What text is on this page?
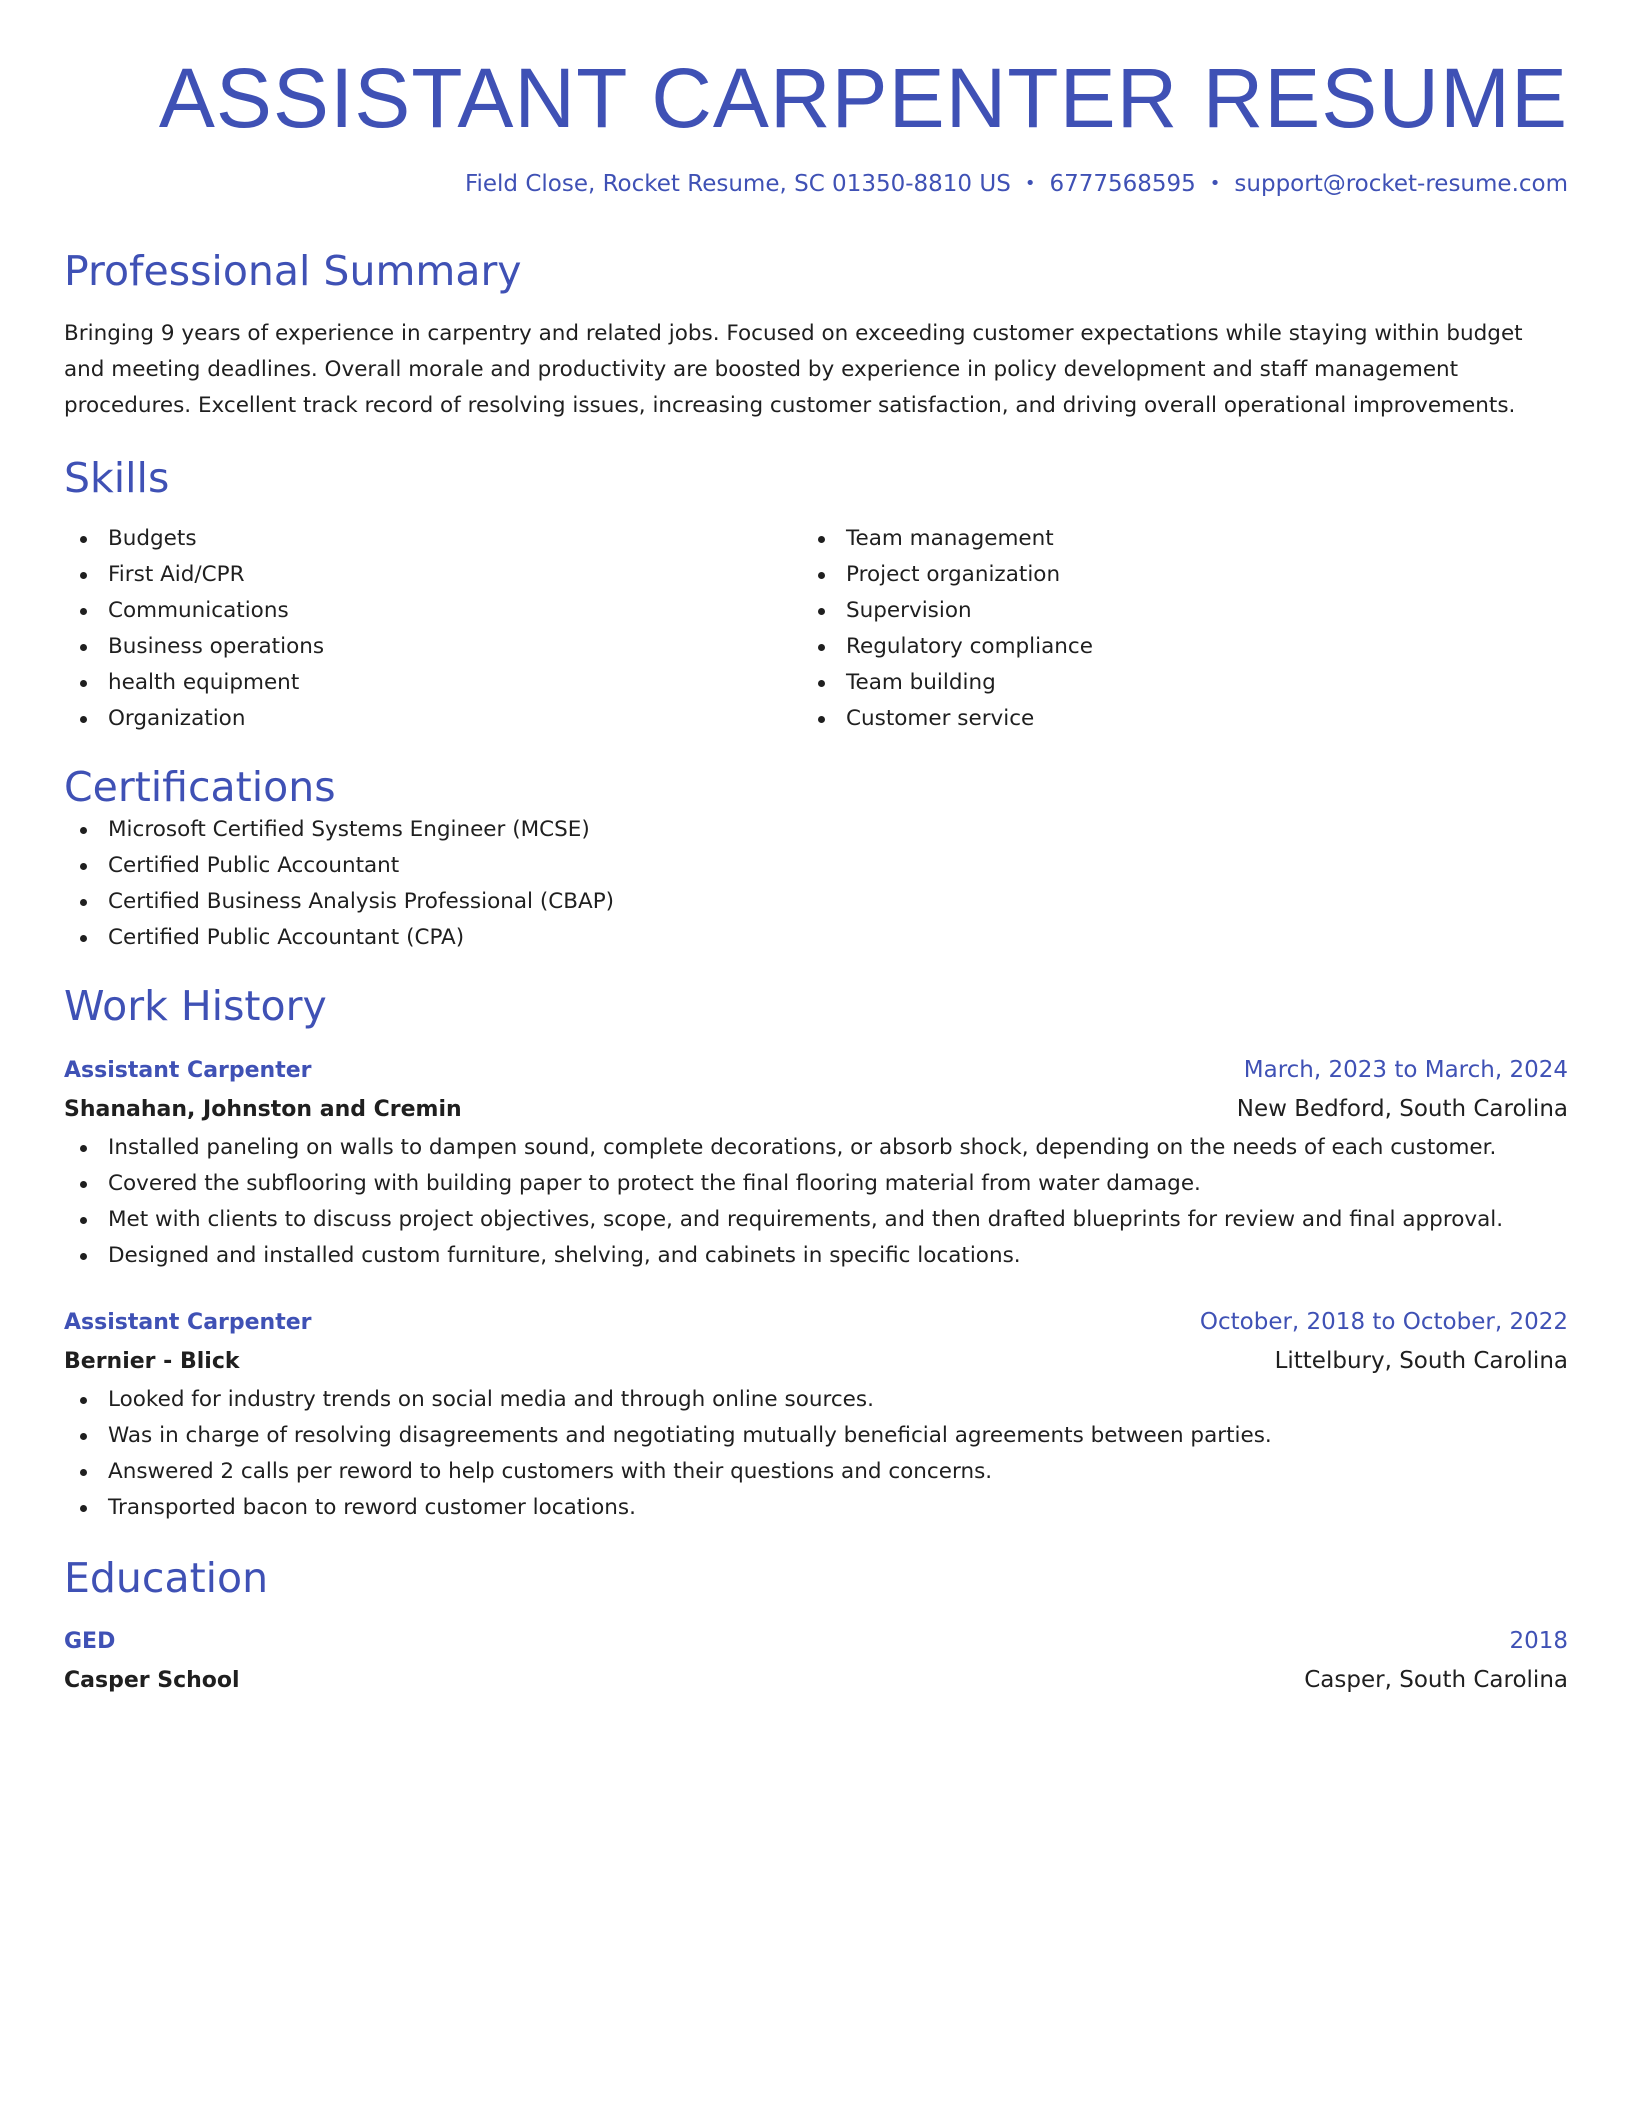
ASSISTANT CARPENTER RESUME
Field Close, Rocket Resume, SC 01350-8810 US • 6777568595 • support@rocket-resume.com
Professional Summary
Bringing 9 years of experience in carpentry and related jobs. Focused on exceeding customer expectations while staying within budget and meeting deadlines. Overall morale and productivity are boosted by experience in policy development and staff management procedures. Excellent track record of resolving issues, increasing customer satisfaction, and driving overall operational improvements.
Skills
Budgets
First Aid/CPR
Communications
Business operations
health equipment
Organization
Team management
Project organization
Supervision
Regulatory compliance
Team building
Customer service
Certifications
Microsoft Certified Systems Engineer (MCSE)
Certified Public Accountant
Certified Business Analysis Professional (CBAP)
Certified Public Accountant (CPA)
Work History
Assistant Carpenter	March, 2023 to March, 2024
Shanahan, Johnston and Cremin	New Bedford, South Carolina
Installed paneling on walls to dampen sound, complete decorations, or absorb shock, depending on the needs of each customer.
Covered the subflooring with building paper to protect the final flooring material from water damage.
Met with clients to discuss project objectives, scope, and requirements, and then drafted blueprints for review and final approval.
Designed and installed custom furniture, shelving, and cabinets in specific locations.
Assistant Carpenter	October, 2018 to October, 2022
Bernier - Blick	Littelbury, South Carolina
Looked for industry trends on social media and through online sources.
Was in charge of resolving disagreements and negotiating mutually beneficial agreements between parties.
Answered 2 calls per reword to help customers with their questions and concerns.
Transported bacon to reword customer locations.
Education
GED	2018
Casper School	Casper, South Carolina
